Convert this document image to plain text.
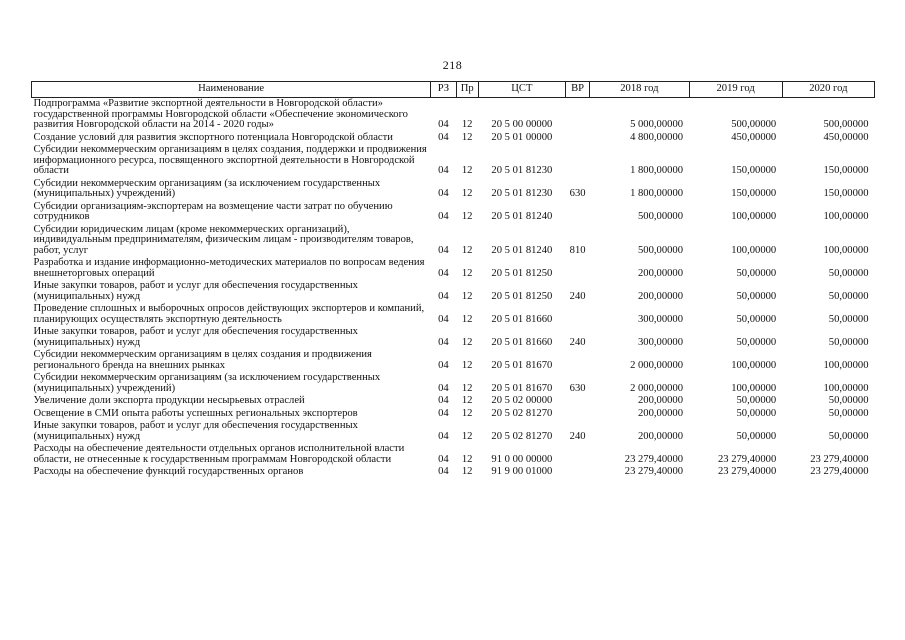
218
Наименование	РЗ	Пр	ЦСТ	ВР	2018 год	2019 год	2020 год
Подпрограмма «Развитие экспортной деятельности в Новгородской области» государственной программы Новгородской области «Обеспечение экономического развития Новгородской области на 2014 - 2020 годы»	04	12	20 5 00 00000		5 000,00000	500,00000	500,00000
Создание условий для развития экспортного потенциала Новгородской области	04	12	20 5 01 00000		4 800,00000	450,00000	450,00000
Субсидии некоммерческим организациям в целях создания, поддержки и продвижения информационного ресурса, посвященного экспортной деятельности в Новгородской области	04	12	20 5 01 81230		1 800,00000	150,00000	150,00000
Субсидии некоммерческим организациям (за исключением государственных (муниципальных) учреждений)	04	12	20 5 01 81230	630	1 800,00000	150,00000	150,00000
Субсидии организациям-экспортерам на возмещение части затрат по обучению сотрудников	04	12	20 5 01 81240		500,00000	100,00000	100,00000
Субсидии юридическим лицам (кроме некоммерческих организаций), индивидуальным предпринимателям, физическим лицам - производителям товаров, работ, услуг	04	12	20 5 01 81240	810	500,00000	100,00000	100,00000
Разработка и издание информационно-методических материалов по вопросам ведения внешнеторговых операций	04	12	20 5 01 81250		200,00000	50,00000	50,00000
Иные закупки товаров, работ и услуг для обеспечения государственных (муниципальных) нужд	04	12	20 5 01 81250	240	200,00000	50,00000	50,00000
Проведение сплошных и выборочных опросов действующих экспортеров и компаний, планирующих осуществлять экспортную деятельность	04	12	20 5 01 81660		300,00000	50,00000	50,00000
Иные закупки товаров, работ и услуг для обеспечения государственных (муниципальных) нужд	04	12	20 5 01 81660	240	300,00000	50,00000	50,00000
Субсидии некоммерческим организациям в целях создания и продвижения регионального бренда на внешних рынках	04	12	20 5 01 81670		2 000,00000	100,00000	100,00000
Субсидии некоммерческим организациям (за исключением государственных (муниципальных) учреждений)	04	12	20 5 01 81670	630	2 000,00000	100,00000	100,00000
Увеличение доли экспорта продукции несырьевых отраслей	04	12	20 5 02 00000		200,00000	50,00000	50,00000
Освещение в СМИ опыта работы успешных региональных экспортеров	04	12	20 5 02 81270		200,00000	50,00000	50,00000
Иные закупки товаров, работ и услуг для обеспечения государственных (муниципальных) нужд	04	12	20 5 02 81270	240	200,00000	50,00000	50,00000
Расходы на обеспечение деятельности отдельных органов исполнительной власти области, не отнесенные к государственным программам Новгородской области	04	12	91 0 00 00000		23 279,40000	23 279,40000	23 279,40000
Расходы на обеспечение функций государственных органов	04	12	91 9 00 01000		23 279,40000	23 279,40000	23 279,40000
